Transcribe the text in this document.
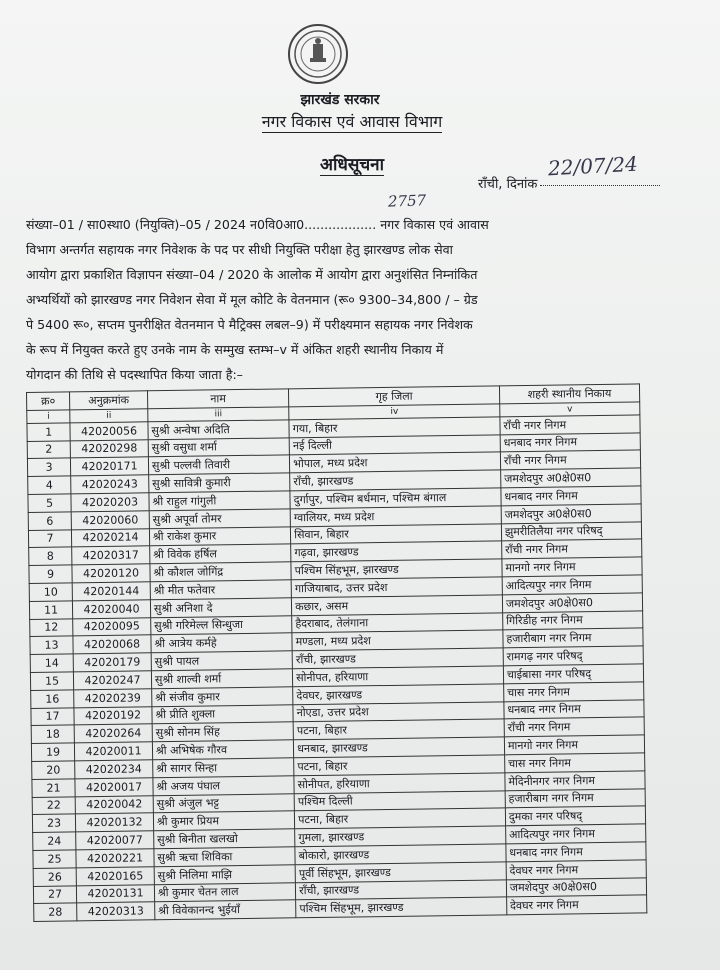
झारखंड सरकार
नगर विकास एवं आवास विभाग
अधिसूचना	22/07/24
राँची, दिनांक
2757
संख्या–01 / सा0स्था0 (नियुक्ति)–05 / 2024 न0वि0आ0.................. नगर विकास एवं आवास
विभाग अन्तर्गत सहायक नगर निवेशक के पद पर सीधी नियुक्ति परीक्षा हेतु झारखण्ड लोक सेवा
आयोग द्वारा प्रकाशित विज्ञापन संख्या–04 / 2020 के आलोक में आयोग द्वारा अनुशंसित निम्नांकित
अभ्यर्थियों को झारखण्ड नगर निवेशन सेवा में मूल कोटि के वेतनमान (रू० 9300–34,800 / – ग्रेड
पे 5400 रू०, सप्तम पुनरीक्षित वेतनमान पे मैट्रिक्स लबल–9) में परीक्ष्यमान सहायक नगर निवेशक
के रूप में नियुक्त करते हुए उनके नाम के सम्मुख स्तम्भ–v में अंकित शहरी स्थानीय निकाय में
योगदान की तिथि से पदस्थापित किया जाता है:–
क्र०	अनुक्रमांक	नाम	गृह जिला	शहरी स्थानीय निकाय
i	ii	iii	iv	v
1	42020056	सुश्री अन्वेषा अदिति	गया, बिहार	राँची नगर निगम
2	42020298	सुश्री वसुधा शर्मा	नई दिल्ली	धनबाद नगर निगम
3	42020171	सुश्री पल्लवी तिवारी	भोपाल, मध्य प्रदेश	राँची नगर निगम
4	42020243	सुश्री सावित्री कुमारी	राँची, झारखण्ड	जमशेदपुर अ0क्षे0स0
5	42020203	श्री राहुल गांगुली	दुर्गापुर, पश्चिम बर्धमान, पश्चिम बंगाल	धनबाद नगर निगम
6	42020060	सुश्री अपूर्वा तोमर	ग्वालियर, मध्य प्रदेश	जमशेदपुर अ0क्षे0स0
7	42020214	श्री राकेश कुमार	सिवान, बिहार	झुमरीतिलैया नगर परिषद्
8	42020317	श्री विवेक हर्षिल	गढ़वा, झारखण्ड	राँची नगर निगम
9	42020120	श्री कौशल जोगिंद्र	पश्चिम सिंहभूम, झारखण्ड	मानगो नगर निगम
10	42020144	श्री मीत फतेवार	गाजियाबाद, उत्तर प्रदेश	आदित्यपुर नगर निगम
11	42020040	सुश्री अनिशा दे	कछार, असम	जमशेदपुर अ0क्षे0स0
12	42020095	सुश्री गरिमेल्ल सिन्धुजा	हैदराबाद, तेलंगाना	गिरिडीह नगर निगम
13	42020068	श्री आत्रेय कर्महे	मण्डला, मध्य प्रदेश	हजारीबाग नगर निगम
14	42020179	सुश्री पायल	राँची, झारखण्ड	रामगढ़ नगर परिषद्
15	42020247	सुश्री शाल्वी शर्मा	सोनीपत, हरियाणा	चाईबासा नगर परिषद्
16	42020239	श्री संजीव कुमार	देवघर, झारखण्ड	चास नगर निगम
17	42020192	श्री प्रीति शुक्ला	नोएडा, उत्तर प्रदेश	धनबाद नगर निगम
18	42020264	सुश्री सोनम सिंह	पटना, बिहार	राँची नगर निगम
19	42020011	श्री अभिषेक गौरव	धनबाद, झारखण्ड	मानगो नगर निगम
20	42020234	श्री सागर सिन्हा	पटना, बिहार	चास नगर निगम
21	42020017	श्री अजय पंघाल	सोनीपत, हरियाणा	मेदिनीनगर नगर निगम
22	42020042	सुश्री अंजुल भट्ट	पश्चिम दिल्ली	हजारीबाग नगर निगम
23	42020132	श्री कुमार प्रियम	पटना, बिहार	दुमका नगर परिषद्
24	42020077	सुश्री बिनीता खलखो	गुमला, झारखण्ड	आदित्यपुर नगर निगम
25	42020221	सुश्री ऋचा शिविका	बोकारो, झारखण्ड	धनबाद नगर निगम
26	42020165	सुश्री निलिमा माझि	पूर्वी सिंहभूम, झारखण्ड	देवघर नगर निगम
27	42020131	श्री कुमार चेतन लाल	राँची, झारखण्ड	जमशेदपुर अ0क्षे0स0
28	42020313	श्री विवेकानन्द भुईयाँ	पश्चिम सिंहभूम, झारखण्ड	देवघर नगर निगम
